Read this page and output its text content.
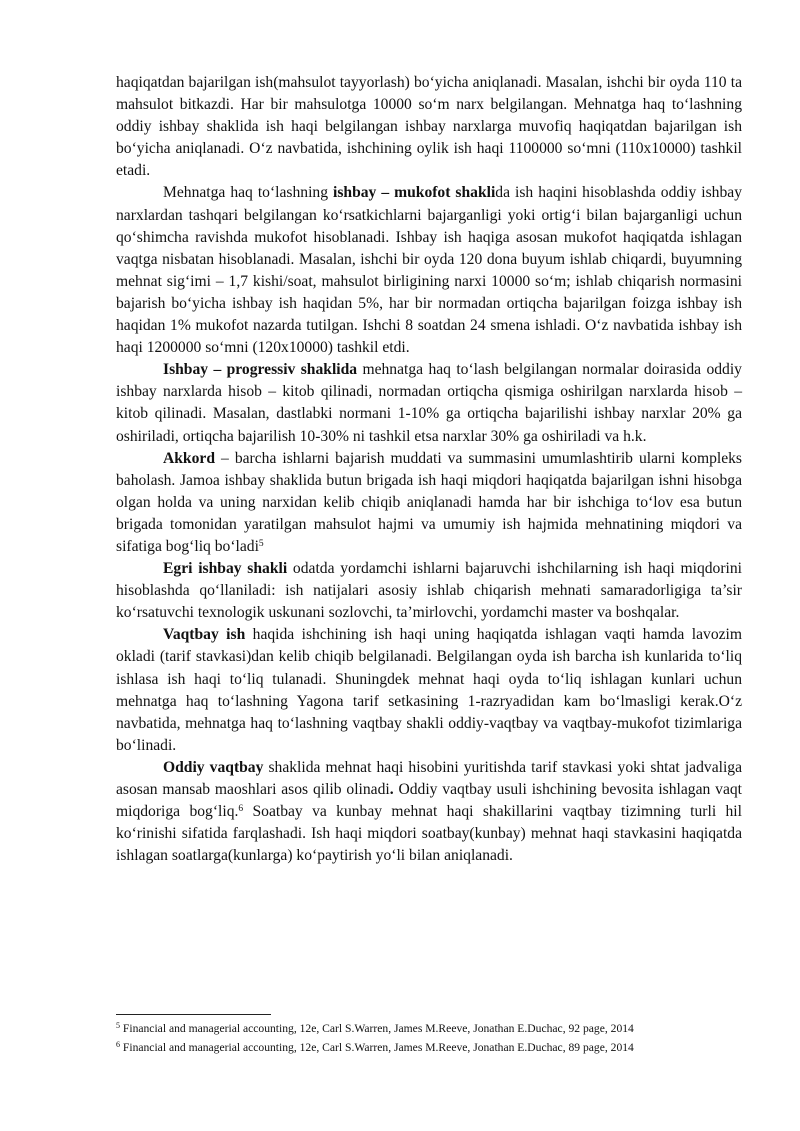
haqiqatdan bajarilgan ish(mahsulot tayyorlash) bo‘yicha aniqlanadi. Masalan, ishchi bir oyda 110 ta mahsulot bitkazdi. Har bir mahsulotga 10000 so‘m narx belgilangan. Mehnatga haq to‘lashning oddiy ishbay shaklida ish haqi belgilangan ishbay narxlarga muvofiq haqiqatdan bajarilgan ish bo‘yicha aniqlanadi. O‘z navbatida, ishchining oylik ish haqi 1100000 so‘mni (110x10000) tashkil etadi.

Mehnatga haq to‘lashning ishbay – mukofot shaklida ish haqini hisoblashda oddiy ishbay narxlardan tashqari belgilangan ko‘rsatkichlarni bajarganligi yoki ortig‘i bilan bajarganligi uchun qo‘shimcha ravishda mukofot hisoblanadi. Ishbay ish haqiga asosan mukofot haqiqatda ishlagan vaqtga nisbatan hisoblanadi. Masalan, ishchi bir oyda 120 dona buyum ishlab chiqardi, buyumning mehnat sig‘imi – 1,7 kishi/soat, mahsulot birligining narxi 10000 so‘m; ishlab chiqarish normasini bajarish bo‘yicha ishbay ish haqidan 5%, har bir normadan ortiqcha bajarilgan foizga ishbay ish haqidan 1% mukofot nazarda tutilgan. Ishchi 8 soatdan 24 smena ishladi. O‘z navbatida ishbay ish haqi 1200000 so‘mni (120x10000) tashkil etdi.

Ishbay – progressiv shaklida mehnatga haq to‘lash belgilangan normalar doirasida oddiy ishbay narxlarda hisob – kitob qilinadi, normadan ortiqcha qismiga oshirilgan narxlarda hisob – kitob qilinadi. Masalan, dastlabki normani 1-10% ga ortiqcha bajarilishi ishbay narxlar 20% ga oshiriladi, ortiqcha bajarilish 10-30% ni tashkil etsa narxlar 30% ga oshiriladi va h.k.

Akkord – barcha ishlarni bajarish muddati va summasini umumlashtirib ularni kompleks baholash. Jamoa ishbay shaklida butun brigada ish haqi miqdori haqiqatda bajarilgan ishni hisobga olgan holda va uning narxidan kelib chiqib aniqlanadi hamda har bir ishchiga to‘lov esa butun brigada tomonidan yaratilgan mahsulot hajmi va umumiy ish hajmida mehnatining miqdori va sifatiga bog‘liq bo‘ladi$^5$

Egri ishbay shakli odatda yordamchi ishlarni bajaruvchi ishchilarning ish haqi miqdorini hisoblashda qo‘llaniladi: ish natijalari asosiy ishlab chiqarish mehnati samaradorligiga ta’sir ko‘rsatuvchi texnologik uskunani sozlovchi, ta’mirlovchi, yordamchi master va boshqalar.

Vaqtbay ish haqida ishchining ish haqi uning haqiqatda ishlagan vaqti hamda lavozim okladi (tarif stavkasi)dan kelib chiqib belgilanadi. Belgilangan oyda ish barcha ish kunlarida to‘liq ishlasa ish haqi to‘liq tulanadi. Shuningdek mehnat haqi oyda to‘liq ishlagan kunlari uchun mehnatga haq to‘lashning Yagona tarif setkasining 1-razryadidan kam bo‘lmasligi kerak.O‘z navbatida, mehnatga haq to‘lashning vaqtbay shakli oddiy-vaqtbay va vaqtbay-mukofot tizimlariga bo‘linadi.

Oddiy vaqtbay shaklida mehnat haqi hisobini yuritishda tarif stavkasi yoki shtat jadvaliga asosan mansab maoshlari asos qilib olinadi. Oddiy vaqtbay usuli ishchining bevosita ishlagan vaqt miqdoriga bog‘liq.$^6$ Soatbay va kunbay mehnat haqi shakillarini vaqtbay tizimning turli hil ko‘rinishi sifatida farqlashadi. Ish haqi miqdori soatbay(kunbay) mehnat haqi stavkasini haqiqatda ishlagan soatlarga(kunlarga) ko‘paytirish yo‘li bilan aniqlanadi.

$^5$ Financial and managerial accounting, 12e, Carl S.Warren, James M.Reeve, Jonathan E.Duchac, 92 page, 2014

$^6$ Financial and managerial accounting, 12e, Carl S.Warren, James M.Reeve, Jonathan E.Duchac, 89 page, 2014
